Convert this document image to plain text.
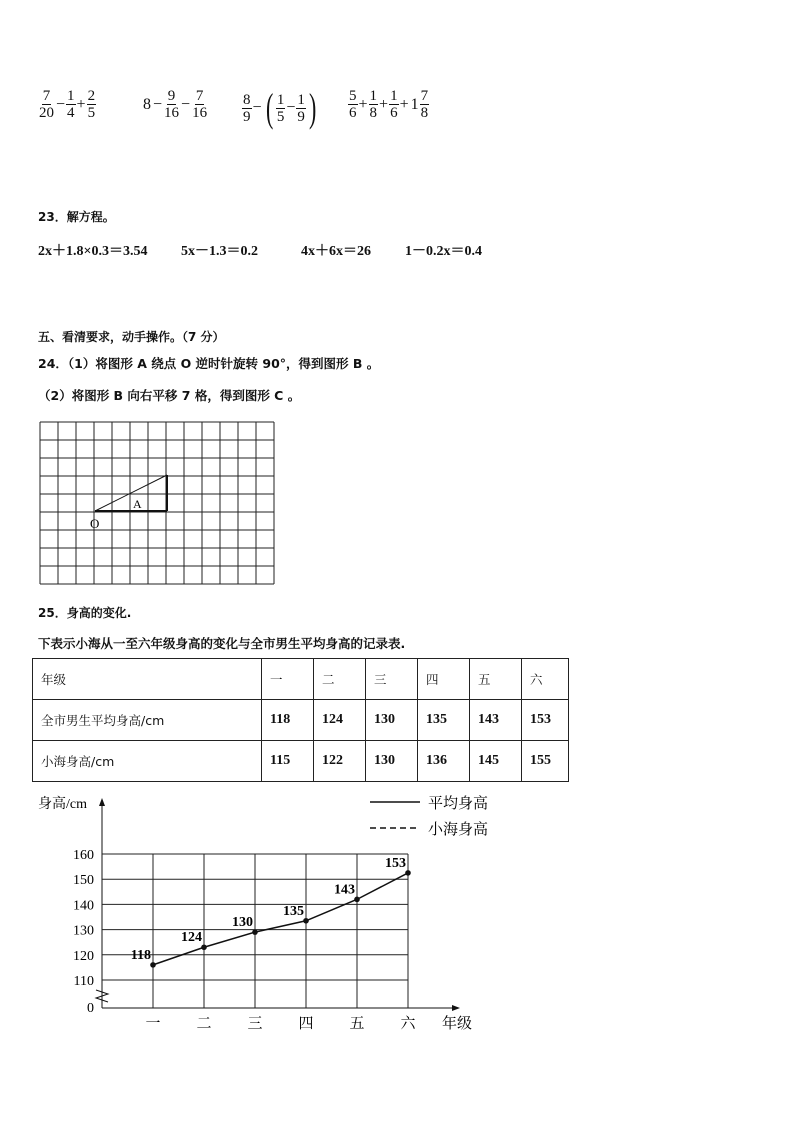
$\frac{7}{20} - \frac{1}{4} + \frac{2}{5}$	$8 - \frac{9}{16} - \frac{7}{16} \frac{8}{9}$ − ( $\frac{1}{5} - \frac{1}{9}$ ) $\frac{5}{6} + \frac{1}{8} + \frac{1}{6} + 1 \frac{7}{8}$
23．解方程。
2x＋1.8×0.3＝3.54 5x－1.3＝0.2	4x＋6x＝26 1－0.2x＝0.4
五、看清要求，动手操作。（7 分）
24．（1）将图形 A 绕点 O 逆时针旋转 90°，得到图形 B 。
（2）将图形 B 向右平移 7 格，得到图形 C 。
A
O
25．身高的变化.
下表示小海从一至六年级身高的变化与全市男生平均身高的记录表.
年级	一	二	三	四	五	六
全市男生平均身高/cm	118	124	130	135	143	153
小海身高/cm	115	122	130	136	145	155
身高/cm
年级
160
150
140
130
120
110
0
一 二 三 四 五 六
118
124
130
135
143
153
平均身高
小海身高
